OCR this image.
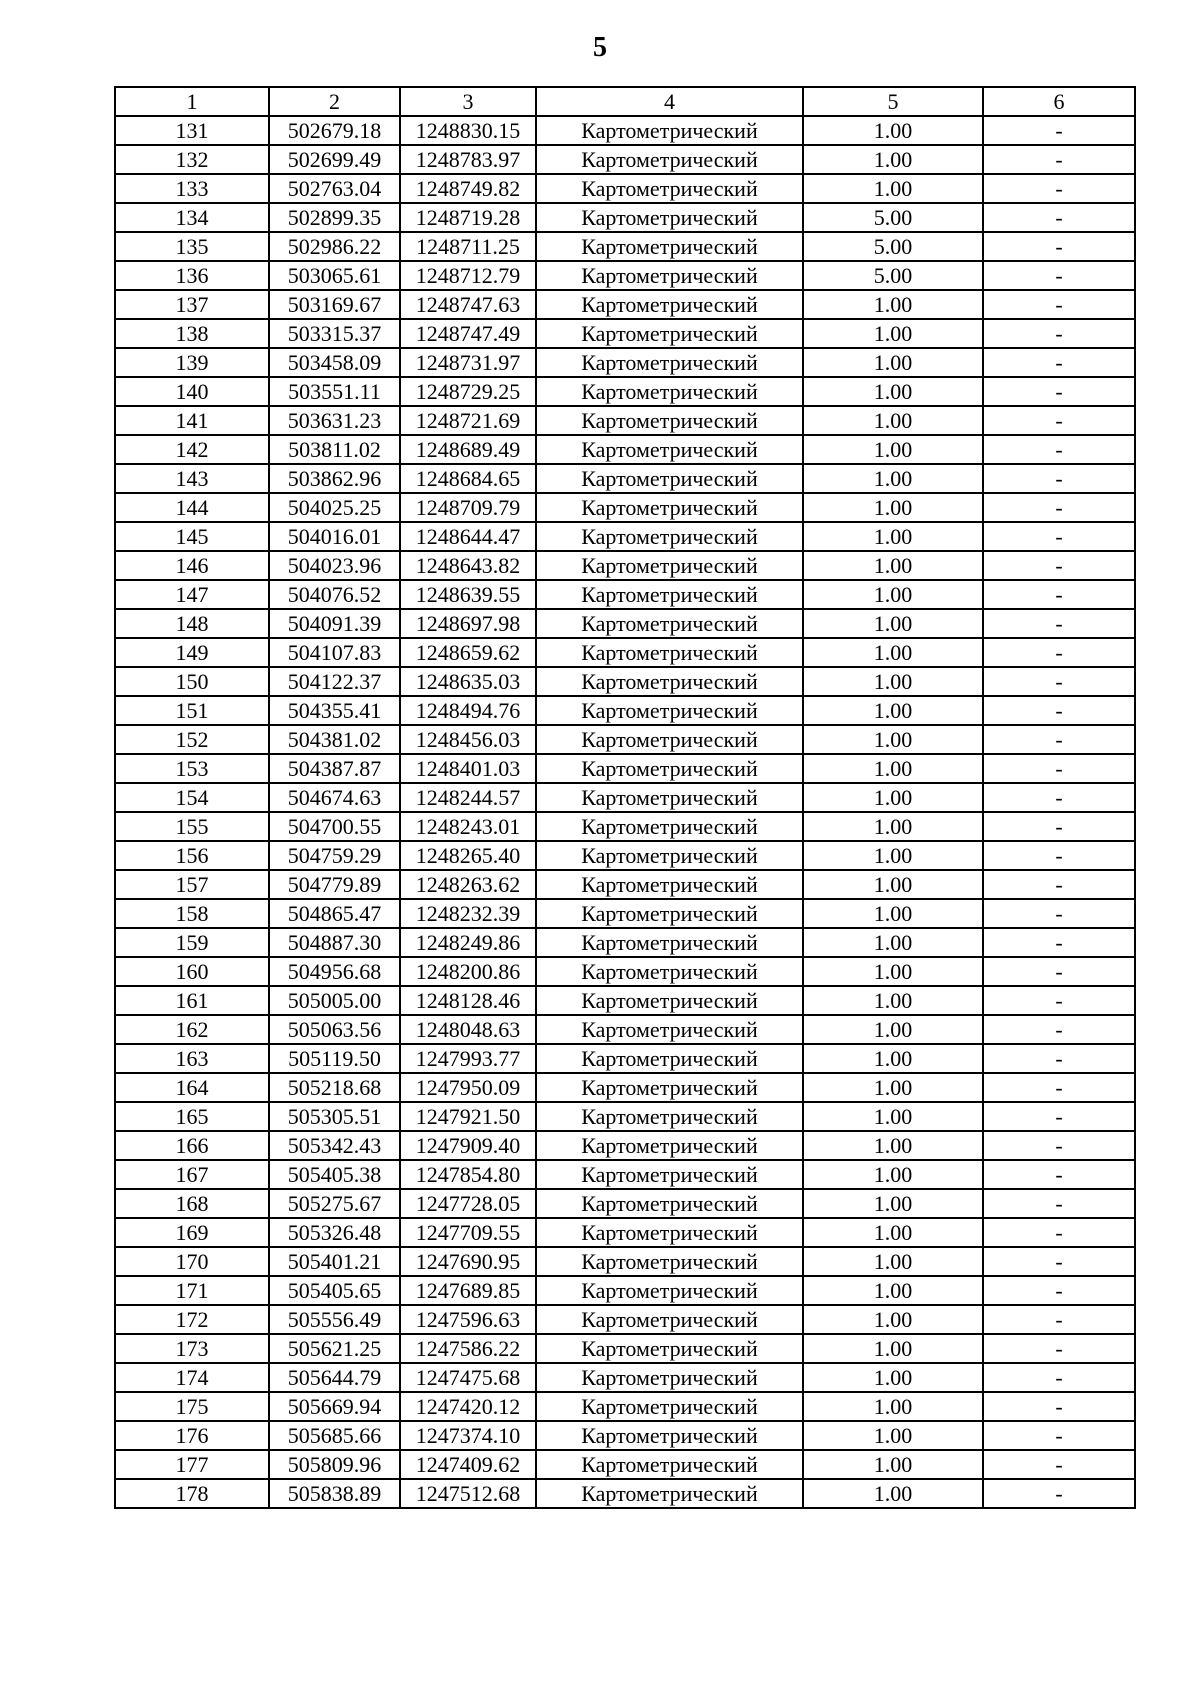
5
1	2	3	4	5	6
131	502679.18	1248830.15	Картометрический	1.00	-
132	502699.49	1248783.97	Картометрический	1.00	-
133	502763.04	1248749.82	Картометрический	1.00	-
134	502899.35	1248719.28	Картометрический	5.00	-
135	502986.22	1248711.25	Картометрический	5.00	-
136	503065.61	1248712.79	Картометрический	5.00	-
137	503169.67	1248747.63	Картометрический	1.00	-
138	503315.37	1248747.49	Картометрический	1.00	-
139	503458.09	1248731.97	Картометрический	1.00	-
140	503551.11	1248729.25	Картометрический	1.00	-
141	503631.23	1248721.69	Картометрический	1.00	-
142	503811.02	1248689.49	Картометрический	1.00	-
143	503862.96	1248684.65	Картометрический	1.00	-
144	504025.25	1248709.79	Картометрический	1.00	-
145	504016.01	1248644.47	Картометрический	1.00	-
146	504023.96	1248643.82	Картометрический	1.00	-
147	504076.52	1248639.55	Картометрический	1.00	-
148	504091.39	1248697.98	Картометрический	1.00	-
149	504107.83	1248659.62	Картометрический	1.00	-
150	504122.37	1248635.03	Картометрический	1.00	-
151	504355.41	1248494.76	Картометрический	1.00	-
152	504381.02	1248456.03	Картометрический	1.00	-
153	504387.87	1248401.03	Картометрический	1.00	-
154	504674.63	1248244.57	Картометрический	1.00	-
155	504700.55	1248243.01	Картометрический	1.00	-
156	504759.29	1248265.40	Картометрический	1.00	-
157	504779.89	1248263.62	Картометрический	1.00	-
158	504865.47	1248232.39	Картометрический	1.00	-
159	504887.30	1248249.86	Картометрический	1.00	-
160	504956.68	1248200.86	Картометрический	1.00	-
161	505005.00	1248128.46	Картометрический	1.00	-
162	505063.56	1248048.63	Картометрический	1.00	-
163	505119.50	1247993.77	Картометрический	1.00	-
164	505218.68	1247950.09	Картометрический	1.00	-
165	505305.51	1247921.50	Картометрический	1.00	-
166	505342.43	1247909.40	Картометрический	1.00	-
167	505405.38	1247854.80	Картометрический	1.00	-
168	505275.67	1247728.05	Картометрический	1.00	-
169	505326.48	1247709.55	Картометрический	1.00	-
170	505401.21	1247690.95	Картометрический	1.00	-
171	505405.65	1247689.85	Картометрический	1.00	-
172	505556.49	1247596.63	Картометрический	1.00	-
173	505621.25	1247586.22	Картометрический	1.00	-
174	505644.79	1247475.68	Картометрический	1.00	-
175	505669.94	1247420.12	Картометрический	1.00	-
176	505685.66	1247374.10	Картометрический	1.00	-
177	505809.96	1247409.62	Картометрический	1.00	-
178	505838.89	1247512.68	Картометрический	1.00	-
